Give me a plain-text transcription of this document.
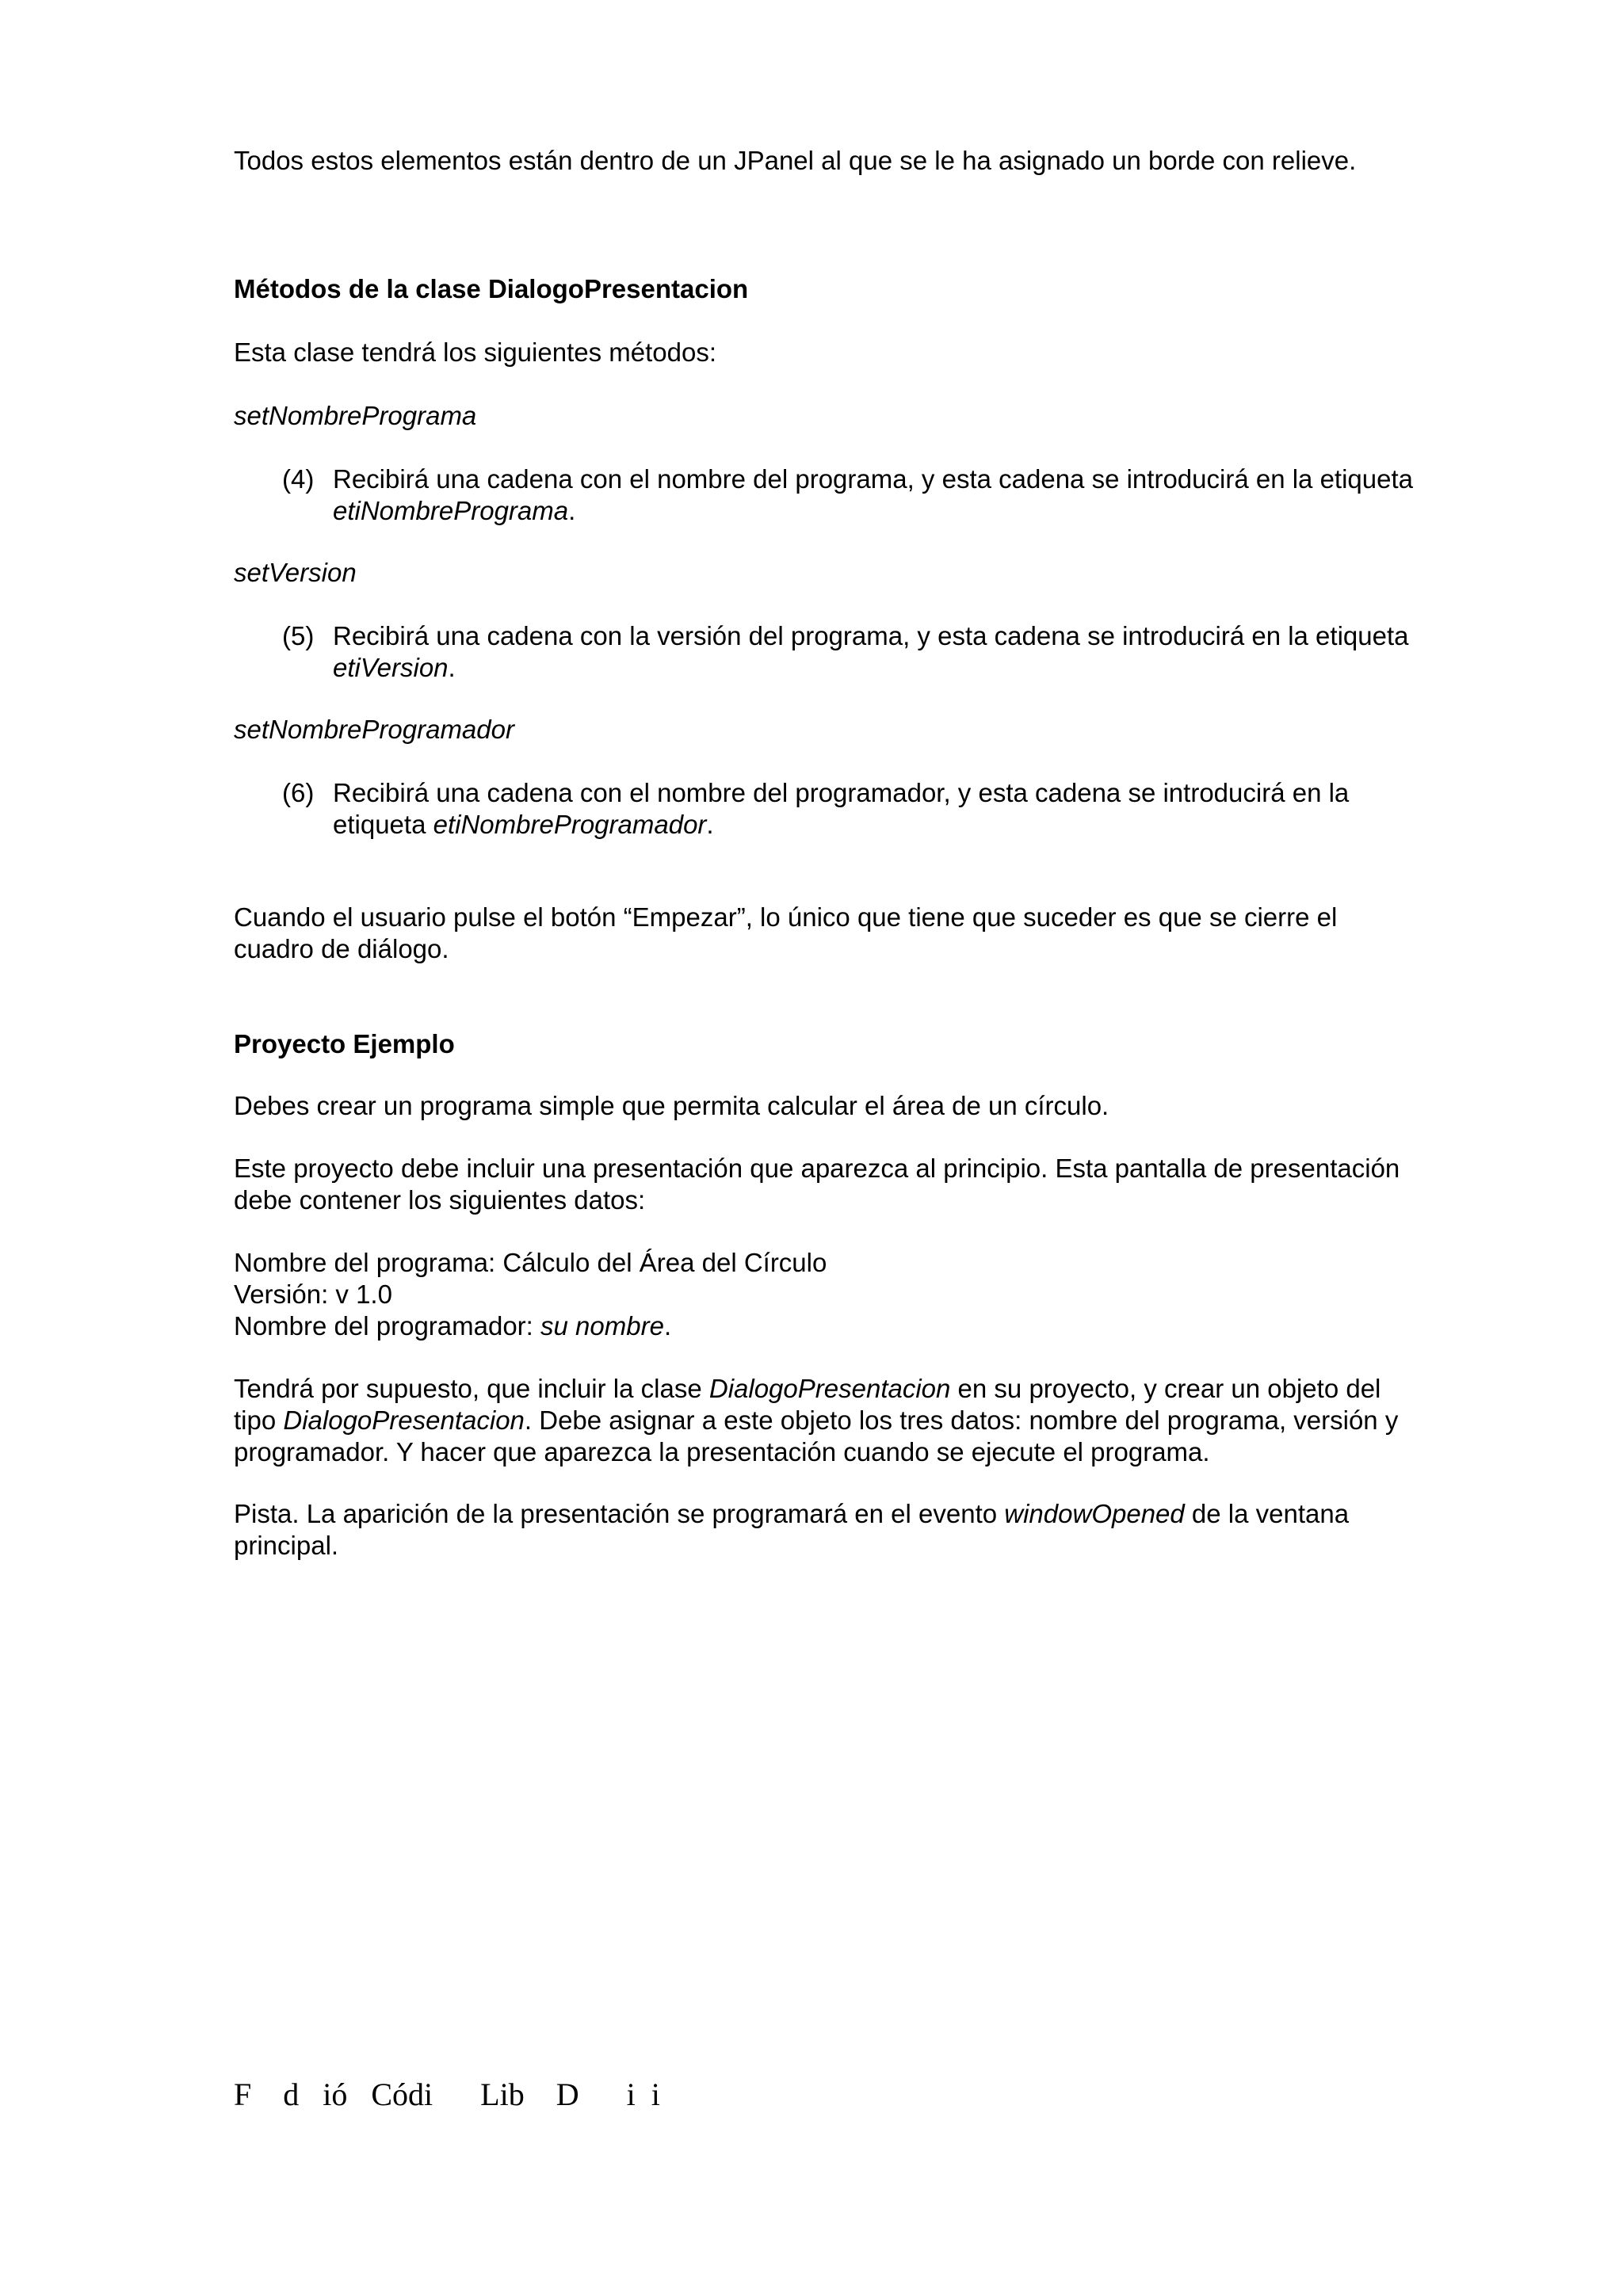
Todos estos elementos están dentro de un JPanel al que se le ha asignado un borde con relieve.

Métodos de la clase DialogoPresentacion

Esta clase tendrá los siguientes métodos:

setNombrePrograma

(4) Recibirá una cadena con el nombre del programa, y esta cadena se introducirá en la etiqueta etiNombrePrograma.

setVersion

(5) Recibirá una cadena con la versión del programa, y esta cadena se introducirá en la etiqueta etiVersion.

setNombreProgramador

(6) Recibirá una cadena con el nombre del programador, y esta cadena se introducirá en la etiqueta etiNombreProgramador.

Cuando el usuario pulse el botón “Empezar”, lo único que tiene que suceder es que se cierre el cuadro de diálogo.

Proyecto Ejemplo

Debes crear un programa simple que permita calcular el área de un círculo.

Este proyecto debe incluir una presentación que aparezca al principio. Esta pantalla de presentación debe contener los siguientes datos:

Nombre del programa: Cálculo del Área del Círculo
Versión: v 1.0
Nombre del programador: su nombre.

Tendrá por supuesto, que incluir la clase DialogoPresentacion en su proyecto, y crear un objeto del tipo DialogoPresentacion. Debe asignar a este objeto los tres datos: nombre del programa, versión y programador. Y hacer que aparezca la presentación cuando se ejecute el programa.

Pista. La aparición de la presentación se programará en el evento windowOpened de la ventana principal.

F    d   ió   Códi      Lib    D      i  i
